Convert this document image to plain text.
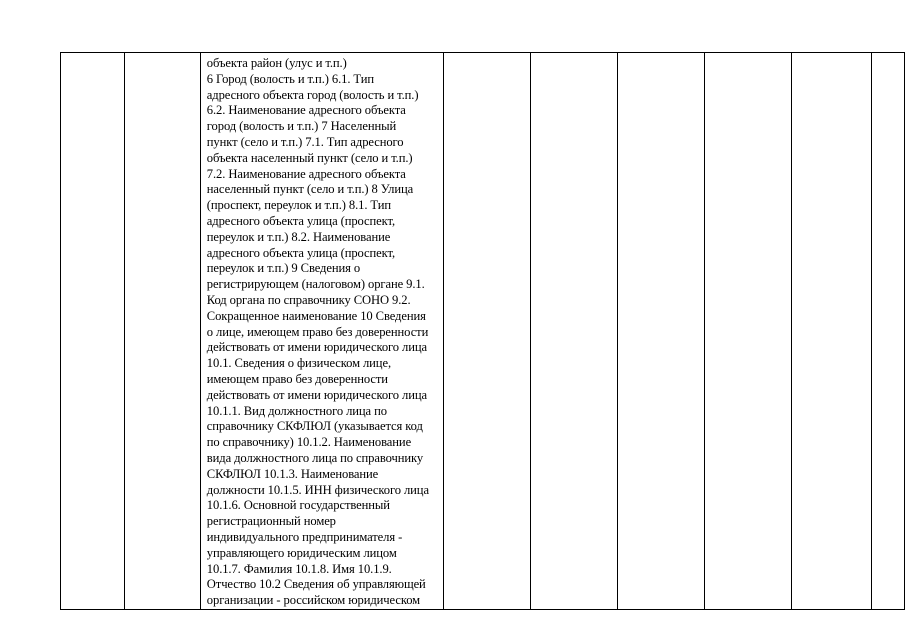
объекта район (улус и т.п.)
6 Город (волость и т.п.) 6.1. Тип
адресного объекта город (волость и т.п.)
6.2. Наименование адресного объекта
город (волость и т.п.) 7 Населенный
пункт (село и т.п.) 7.1. Тип адресного
объекта населенный пункт (село и т.п.)
7.2. Наименование адресного объекта
населенный пункт (село и т.п.) 8 Улица
(проспект, переулок и т.п.) 8.1. Тип
адресного объекта улица (проспект,
переулок и т.п.) 8.2. Наименование
адресного объекта улица (проспект,
переулок и т.п.) 9 Сведения о
регистрирующем (налоговом) органе 9.1.
Код органа по справочнику СОНО 9.2.
Сокращенное наименование 10 Сведения
о лице, имеющем право без доверенности
действовать от имени юридического лица
10.1. Сведения о физическом лице,
имеющем право без доверенности
действовать от имени юридического лица
10.1.1. Вид должностного лица по
справочнику СКФЛЮЛ (указывается код
по справочнику) 10.1.2. Наименование
вида должностного лица по справочнику
СКФЛЮЛ 10.1.3. Наименование
должности 10.1.5. ИНН физического лица
10.1.6. Основной государственный
регистрационный номер
индивидуального предпринимателя -
управляющего юридическим лицом
10.1.7. Фамилия 10.1.8. Имя 10.1.9.
Отчество 10.2 Сведения об управляющей
организации - российском юридическом
